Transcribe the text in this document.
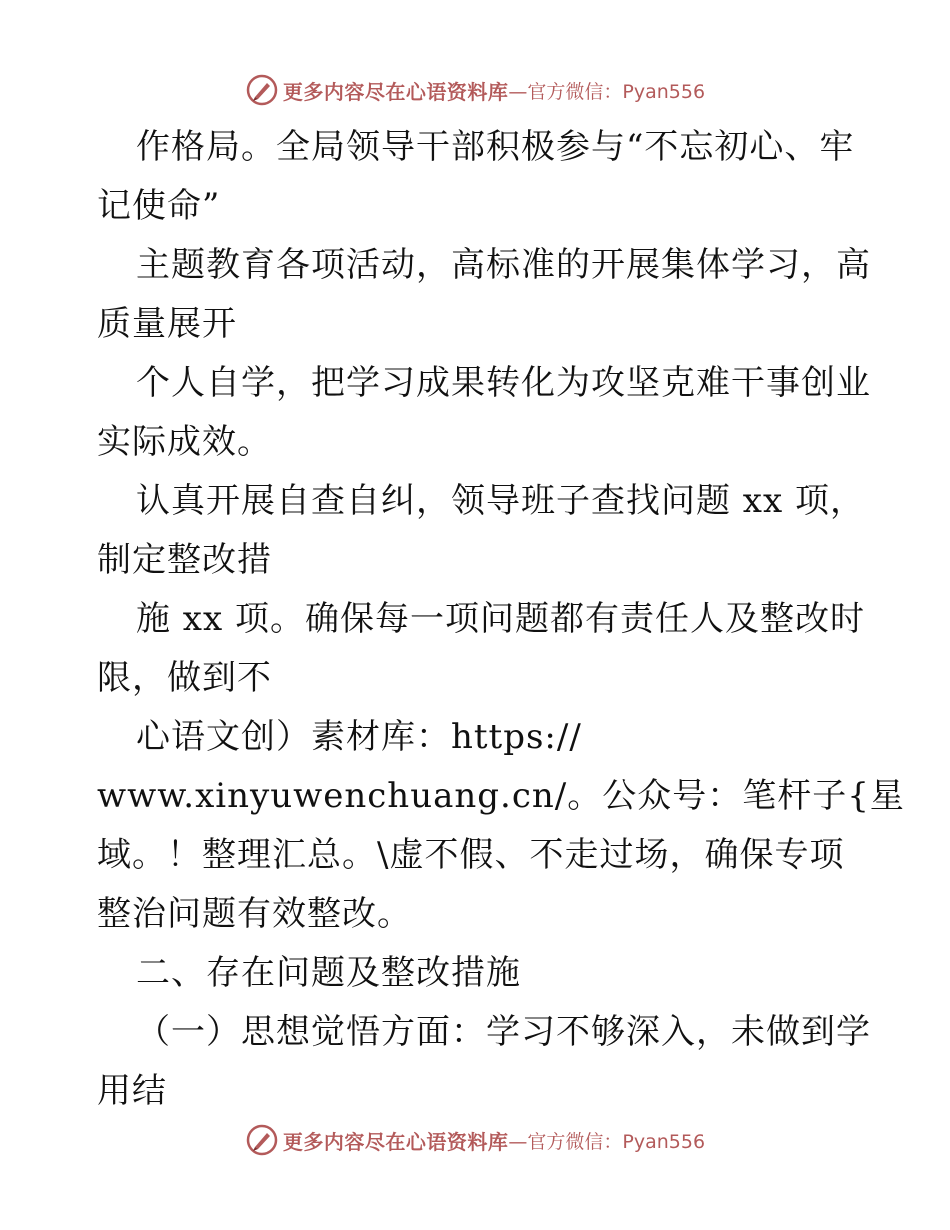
更多内容尽在心语资料库 —官方微信：Pyan556
作格局。全局领导干部积极参与“不忘初心、牢
记使命”
主题教育各项活动，高标准的开展集体学习，高
质量展开
个人自学，把学习成果转化为攻坚克难干事创业
实际成效。
认真开展自查自纠，领导班子查找问题 xx 项，
制定整改措
施 xx 项。确保每一项问题都有责任人及整改时
限，做到不
心语文创）素材库：https://
www.xinyuwenchuang.cn/。公众号：笔杆子{星
域。！整理汇总。\虚不假、不走过场，确保专项
整治问题有效整改。
二、存在问题及整改措施
（一）思想觉悟方面：学习不够深入，未做到学
用结
更多内容尽在心语资料库 —官方微信：Pyan556
